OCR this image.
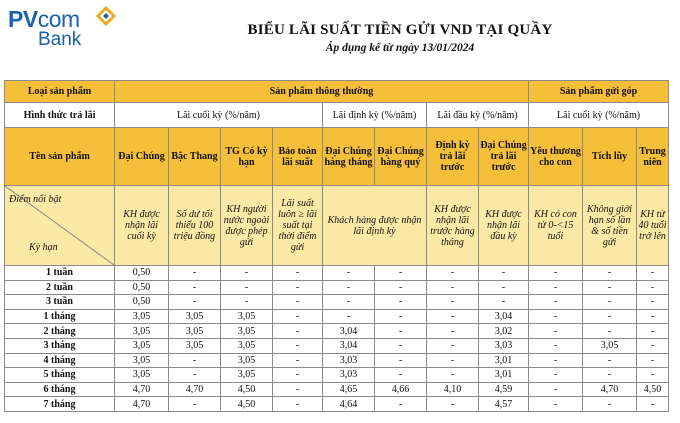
PVcom
Bank	BIỂU LÃI SUẤT TIỀN GỬI VND TẠI QUẦY
Áp dụng kể từ ngày 13/01/2024
Loại sản phẩm	Sản phẩm thông thường								Sản phẩm gửi góp		
Hình thức trả lãi	Lãi cuối kỳ (%/năm)				Lãi định kỳ (%/năm)		Lãi đầu kỳ (%/năm)		Lãi cuối kỳ (%/năm)		
Tên sản phẩm	Đại Chúng	Bậc Thang	TG Có kỳ hạn	Bảo toàn lãi suất	Đại Chúng hàng tháng	Đại Chúng hàng quý	Định kỳ trả lãi trước	Đại Chúng trả lãi trước	Yêu thương cho con	Tích lũy	Trung niên

Điểm nổi bật
Kỳ hạn	KH được nhận lãi cuối kỳ	Số dư tối thiểu 100 triệu đồng	KH người nước ngoài được phép gửi	Lãi suất luôn ≥ lãi suất tại thời điểm gửi	Khách hàng được nhận lãi định kỳ		KH được nhận lãi trước hàng tháng	KH được nhận lãi đầu kỳ	KH có con từ 0-<15 tuổi	Không giới hạn số lần & số tiền gửi	KH từ 40 tuổi trở lên
1 tuần	0,50	-	-	-	-	-	-	-	-	-	-
2 tuần	0,50	-	-	-	-	-	-	-	-	-	-
3 tuần	0,50	-	-	-	-	-	-	-	-	-	-
1 tháng	3,05	3,05	3,05	-	-	-	-	3,04	-	-	-
2 tháng	3,05	3,05	3,05	-	3,04	-	-	3,02	-	-	-
3 tháng	3,05	3,05	3,05	-	3,04	-	-	3,03	-	3,05	-
4 tháng	3,05	-	3,05	-	3,03	-	-	3,01	-	-	-
5 tháng	3,05	-	3,05	-	3,03	-	-	3,01	-	-	-
6 tháng	4,70	4,70	4,50	-	4,65	4,66	4,10	4,59	-	4,70	4,50
7 tháng	4,70	-	4,50	-	4,64	-	-	4,57	-	-	-
